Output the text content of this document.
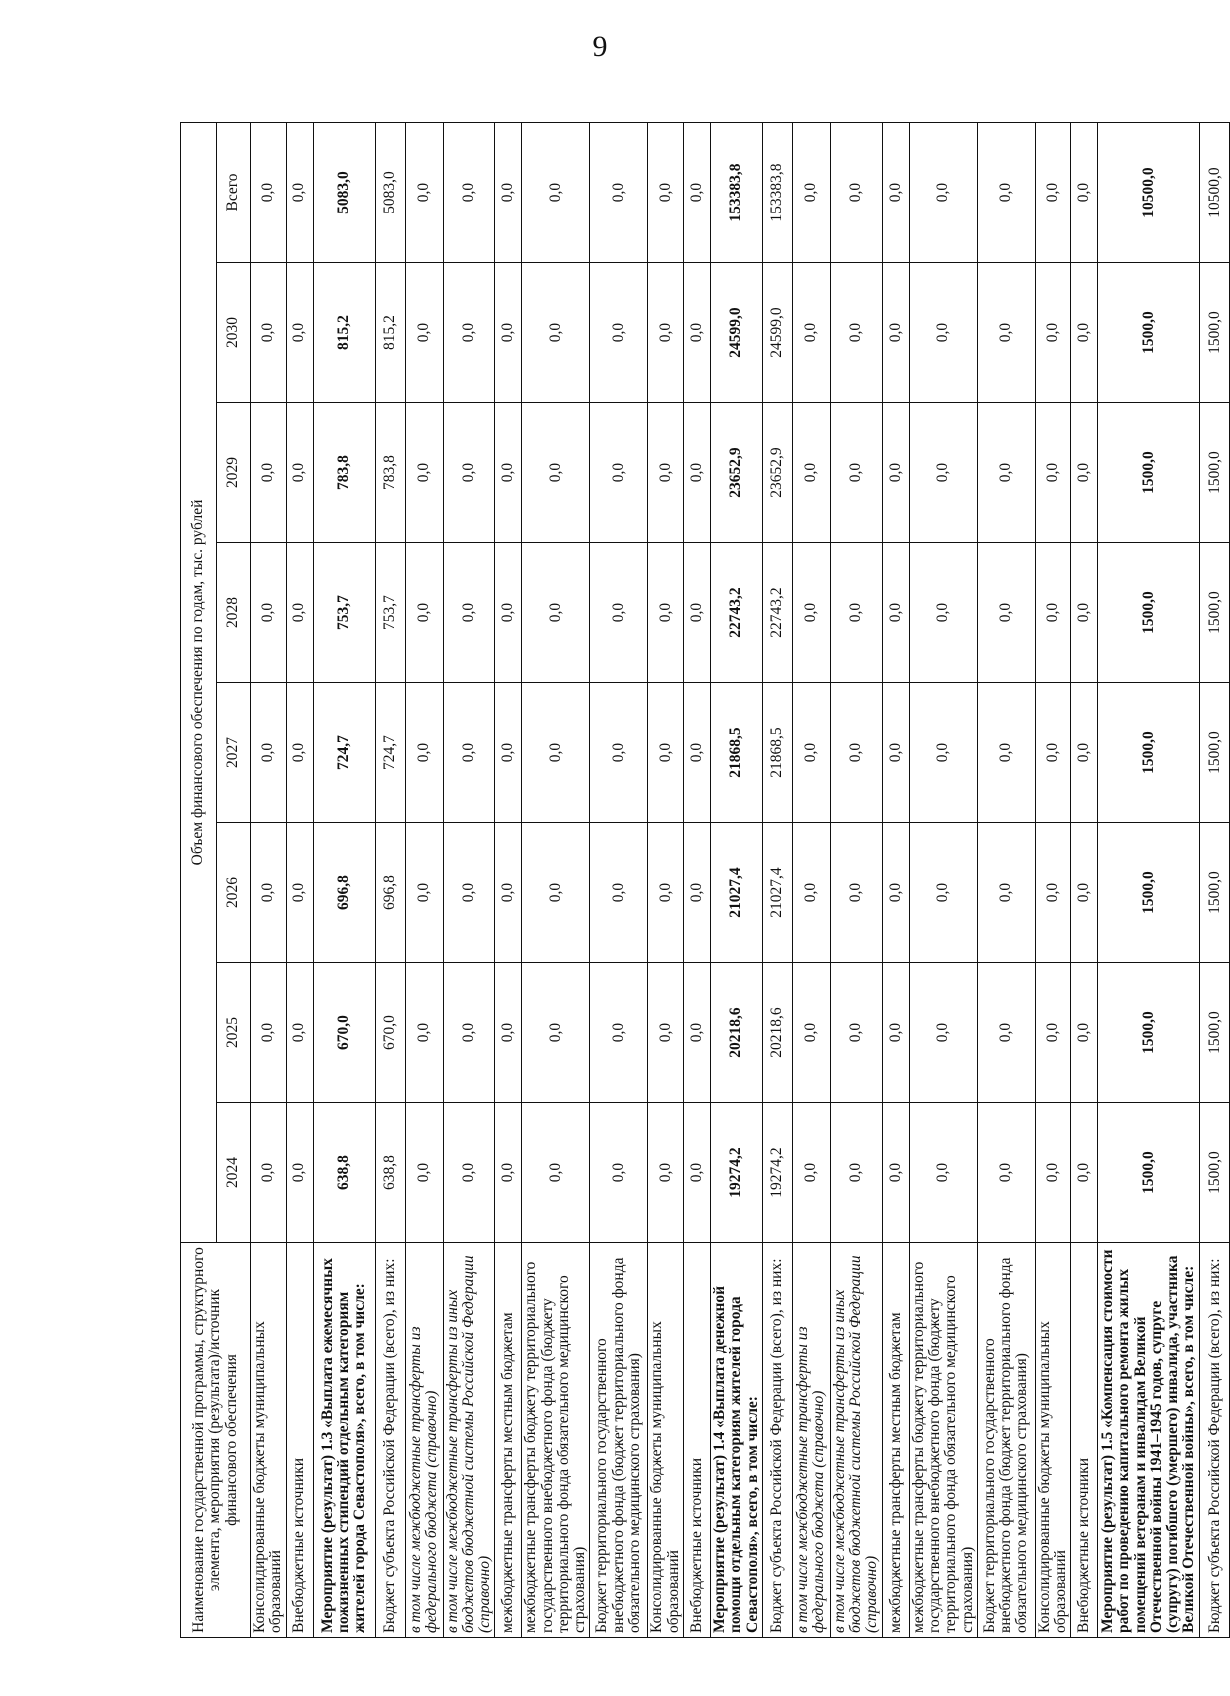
9
Наименование государственной программы, структурного элемента, мероприятия (результата)/источник финансового обеспечения	Объем финансового обеспечения по годам, тыс. рублей							
	2024	2025	2026	2027	2028	2029	2030	Всего
Консолидированные бюджеты муниципальных образований	0,0	0,0	0,0	0,0	0,0	0,0	0,0	0,0
Внебюджетные источники	0,0	0,0	0,0	0,0	0,0	0,0	0,0	0,0
Мероприятие (результат) 1.3 «Выплата ежемесячных пожизненных стипендий отдельным категориям жителей города Севастополя», всего, в том числе:	638,8	670,0	696,8	724,7	753,7	783,8	815,2	5083,0
Бюджет субъекта Российской Федерации (всего), из них:	638,8	670,0	696,8	724,7	753,7	783,8	815,2	5083,0
в том числе межбюджетные трансферты из федерального бюджета (справочно)	0,0	0,0	0,0	0,0	0,0	0,0	0,0	0,0
в том числе межбюджетные трансферты из иных бюджетов бюджетной системы Российской Федерации (справочно)	0,0	0,0	0,0	0,0	0,0	0,0	0,0	0,0
межбюджетные трансферты местным бюджетам	0,0	0,0	0,0	0,0	0,0	0,0	0,0	0,0
межбюджетные трансферты бюджету территориального государственного внебюджетного фонда (бюджету территориального фонда обязательного медицинского страхования)	0,0	0,0	0,0	0,0	0,0	0,0	0,0	0,0
Бюджет территориального государственного внебюджетного фонда (бюджет территориального фонда обязательного медицинского страхования)	0,0	0,0	0,0	0,0	0,0	0,0	0,0	0,0
Консолидированные бюджеты муниципальных образований	0,0	0,0	0,0	0,0	0,0	0,0	0,0	0,0
Внебюджетные источники	0,0	0,0	0,0	0,0	0,0	0,0	0,0	0,0
Мероприятие (результат) 1.4 «Выплата денежной помощи отдельным категориям жителей города Севастополя», всего, в том числе:	19274,2	20218,6	21027,4	21868,5	22743,2	23652,9	24599,0	153383,8
Бюджет субъекта Российской Федерации (всего), из них:	19274,2	20218,6	21027,4	21868,5	22743,2	23652,9	24599,0	153383,8
в том числе межбюджетные трансферты из федерального бюджета (справочно)	0,0	0,0	0,0	0,0	0,0	0,0	0,0	0,0
в том числе межбюджетные трансферты из иных бюджетов бюджетной системы Российской Федерации (справочно)	0,0	0,0	0,0	0,0	0,0	0,0	0,0	0,0
межбюджетные трансферты местным бюджетам	0,0	0,0	0,0	0,0	0,0	0,0	0,0	0,0
межбюджетные трансферты бюджету территориального государственного внебюджетного фонда (бюджету территориального фонда обязательного медицинского страхования)	0,0	0,0	0,0	0,0	0,0	0,0	0,0	0,0
Бюджет территориального государственного внебюджетного фонда (бюджет территориального фонда обязательного медицинского страхования)	0,0	0,0	0,0	0,0	0,0	0,0	0,0	0,0
Консолидированные бюджеты муниципальных образований	0,0	0,0	0,0	0,0	0,0	0,0	0,0	0,0
Внебюджетные источники	0,0	0,0	0,0	0,0	0,0	0,0	0,0	0,0
Мероприятие (результат) 1.5 «Компенсация стоимости работ по проведению капитального ремонта жилых помещений ветеранам и инвалидам Великой Отечественной войны 1941–1945 годов, супруге (супругу) погибшего (умершего) инвалида, участника Великой Отечественной войны», всего, в том числе:	1500,0	1500,0	1500,0	1500,0	1500,0	1500,0	1500,0	10500,0
Бюджет субъекта Российской Федерации (всего), из них:	1500,0	1500,0	1500,0	1500,0	1500,0	1500,0	1500,0	10500,0
